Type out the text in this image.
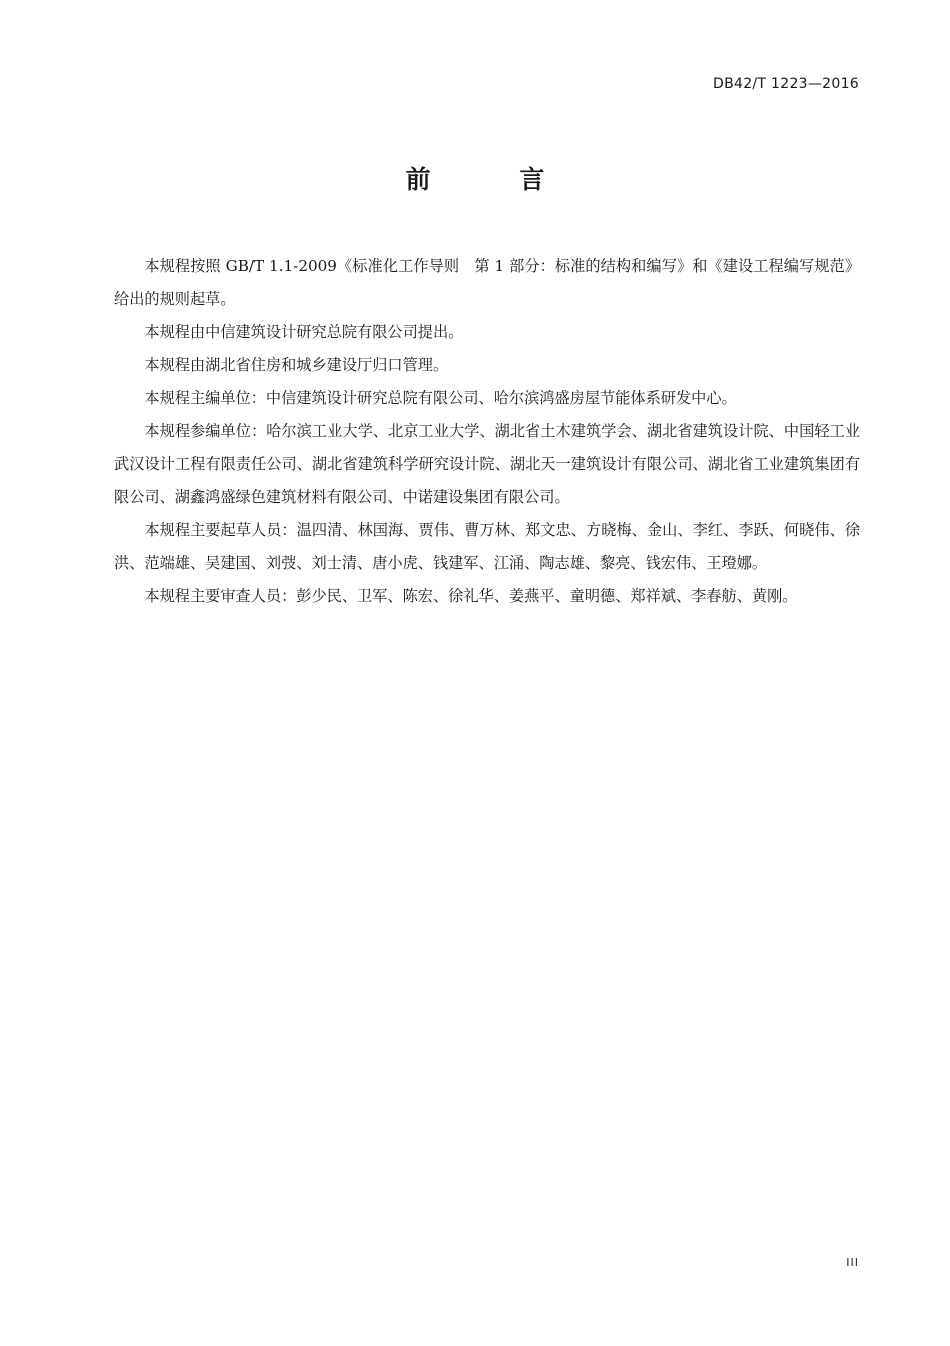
DB42/T 1223—2016
前 言

本规程按照 GB/T 1.1-2009《标准化工作导则　第 1 部分：标准的结构和编写》和《建设工程编写规范》给出的规则起草。

本规程由中信建筑设计研究总院有限公司提出。

本规程由湖北省住房和城乡建设厅归口管理。

本规程主编单位：中信建筑设计研究总院有限公司、哈尔滨鸿盛房屋节能体系研发中心。

本规程参编单位：哈尔滨工业大学、北京工业大学、湖北省土木建筑学会、湖北省建筑设计院、中国轻工业武汉设计工程有限责任公司、湖北省建筑科学研究设计院、湖北天一建筑设计有限公司、湖北省工业建筑集团有限公司、湖鑫鸿盛绿色建筑材料有限公司、中诺建设集团有限公司。

本规程主要起草人员：温四清、林国海、贾伟、曹万林、郑文忠、方晓梅、金山、李红、李跃、何晓伟、徐洪、范端雄、吴建国、刘弢、刘士清、唐小虎、钱建军、江涌、陶志雄、黎亮、钱宏伟、王璒娜。

本规程主要审查人员：彭少民、卫军、陈宏、徐礼华、姜燕平、童明德、郑祥斌、李春舫、黄刚。

III
